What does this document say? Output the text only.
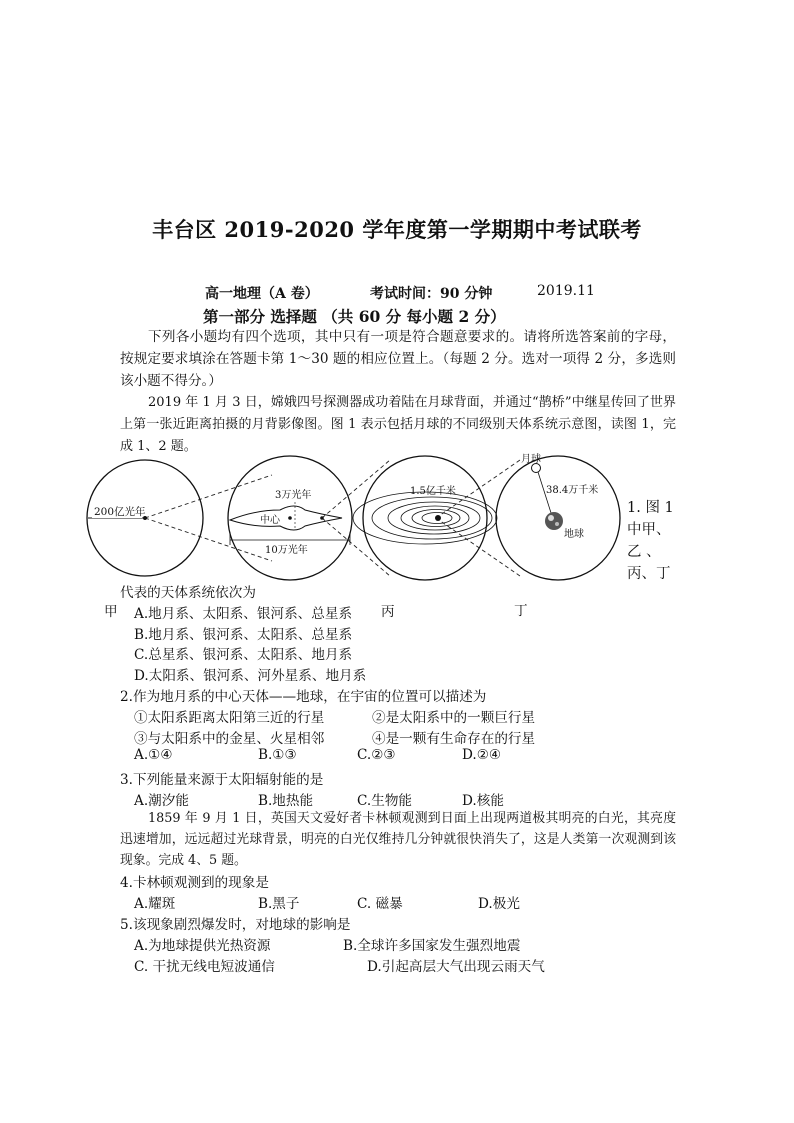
丰台区 2019-2020 学年度第一学期期中考试联考
高一地理（A 卷）	考试时间：90 分钟	2019.11
第一部分 选择题 （共 60 分 每小题 2 分）
下列各小题均有四个选项，其中只有一项是符合题意要求的。请将所选答案前的字母，按规定要求填涂在答题卡第 1～30 题的相应位置上。（每题 2 分。选对一项得 2 分，多选则该小题不得分。）
2019 年 1 月 3 日，嫦娥四号探测器成功着陆在月球背面，并通过“鹊桥”中继星传回了世界上第一张近距离拍摄的月背影像图。图 1 表示包括月球的不同级别天体系统示意图，读图 1，完成 1、2 题。
200亿光年
3万光年
中心
10万光年
1.5亿千米
月球
38.4万千米
地球
甲	丙	丁
1. 图 1
中甲、
乙 、
丙、丁
代表的天体系统依次为
A.地月系、太阳系、银河系、总星系
B.地月系、银河系、太阳系、总星系
C.总星系、银河系、太阳系、地月系
D.太阳系、银河系、河外星系、地月系
2.作为地月系的中心天体——地球，在宇宙的位置可以描述为
①太阳系距离太阳第三近的行星	②是太阳系中的一颗巨行星
③与太阳系中的金星、火星相邻	④是一颗有生命存在的行星
A.①④	B.①③	C.②③	D.②④
3.下列能量来源于太阳辐射能的是
A.潮汐能	B.地热能	C.生物能	D.核能
1859 年 9 月 1 日，英国天文爱好者卡林顿观测到日面上出现两道极其明亮的白光，其亮度迅速增加，远远超过光球背景，明亮的白光仅维持几分钟就很快消失了，这是人类第一次观测到该现象。完成 4、5 题。
4.卡林顿观测到的现象是
A.耀斑	B.黑子	C. 磁暴	D.极光
5.该现象剧烈爆发时，对地球的影响是
A.为地球提供光热资源	B.全球许多国家发生强烈地震
C. 干扰无线电短波通信	D.引起高层大气出现云雨天气
